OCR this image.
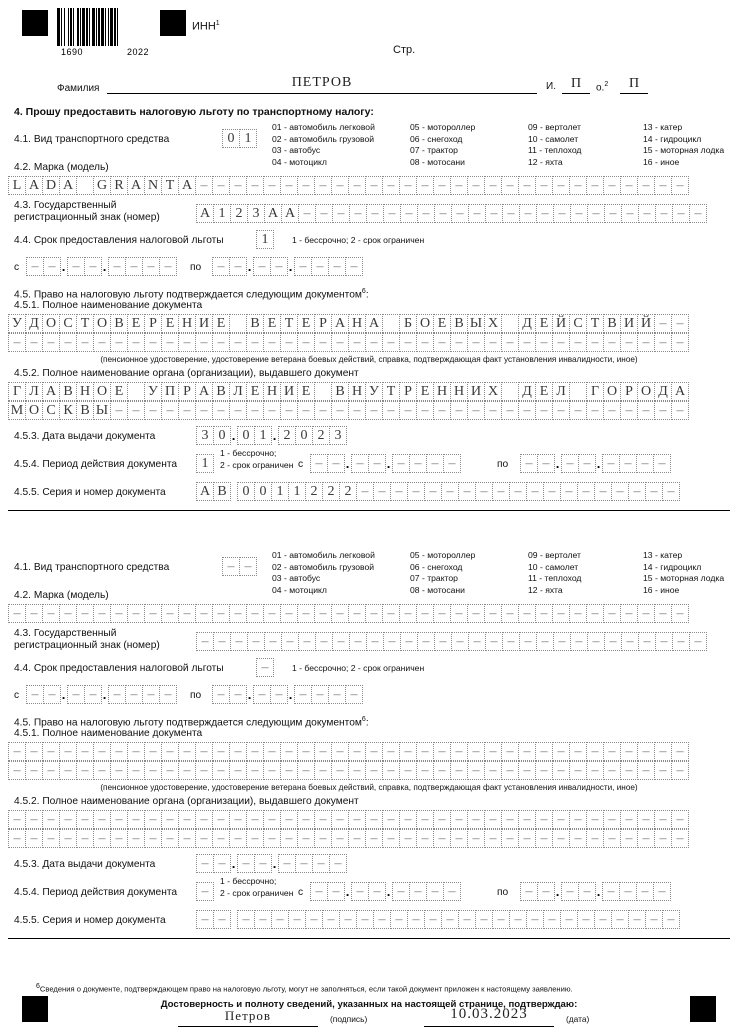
1690	2022
ИНН$^1$
Стр.
Фамилия	ПЕТРОВ	И.	П	о.$^2$	П
4. Прошу предоставить налоговую льготу по транспортному налогу:
4.1. Вид транспортного средства	0 1
01 - автомобиль легковой
02 - автомобиль грузовой
03 - автобус
04 - мотоцикл
05 - мотороллер
06 - снегоход
07 - трактор
08 - мотосани
09 - вертолет
10 - самолет
11 - теплоход
12 - яхта
13 - катер
14 - гидроцикл
15 - моторная лодка
16 - иное
4.2. Марка (модель)
L A D A G R A N T A – – – – – – – – – – – – – – – – – – – – – – – – – – – – –
4.3. Государственный
регистрационный знак (номер)	А 1 2 3 А А – – – – – – – – – – – – – – – – – – – – – – – –
4.4. Срок предоставления налоговой льготы	1	1 - бессрочно; 2 - срок ограничен
с – – . – – . – – – –	по	– – . – – . – – – –
4.5. Право на налоговую льготу подтверждается следующим документом$^6$:
4.5.1. Полное наименование документа
У Д О С Т О В Е Р Е Н И Е	В Е Т Е Р А Н А	Б О Е В Ы Х	Д Е Й С Т В И Й – –
– – – – – – – – – – – – – – – – – – – – – – – – – – – – – – – – – – – – – – – –
(пенсионное удостоверение, удостоверение ветерана боевых действий, справка, подтверждающая факт установления инвалидности, иное)
4.5.2. Полное наименование органа (организации), выдавшего документ
Г Л А В Н О Е	У П Р А В Л Е Н И Е	В Н У Т Р Е Н Н И Х	Д Е Л	Г О Р О Д А
М О С К В Ы – – – – – – – – – – – – – – – – – – – – – – – – – – – – – – – – – –
4.5.3. Дата выдачи документа	3 0 . 0 1 . 2 0 2 3
4.5.4. Период действия документа	1
1 - бессрочно;
2 - срок ограничен с – – . – – . – – – –	по	– – . – – . – – – –
4.5.5. Серия и номер документа А В	0 0 1 1 2 2 2 – – – – – – – – – – – – – – – – – – –
4.1. Вид транспортного средства	– –
01 - автомобиль легковой
02 - автомобиль грузовой
03 - автобус
04 - мотоцикл
05 - мотороллер
06 - снегоход
07 - трактор
08 - мотосани
09 - вертолет
10 - самолет
11 - теплоход
12 - яхта
13 - катер
14 - гидроцикл
15 - моторная лодка
16 - иное
4.2. Марка (модель)
– – – – – – – – – – – – – – – – – – – – – – – – – – – – – – – – – – – – – – – –
4.3. Государственный
регистрационный знак (номер)	– – – – – – – – – – – – – – – – – – – – – – – – – – – – – –
4.4. Срок предоставления налоговой льготы	–	1 - бессрочно; 2 - срок ограничен
с – – . – – . – – – –	по	– – . – – . – – – –
4.5. Право на налоговую льготу подтверждается следующим документом$^6$:
4.5.1. Полное наименование документа
– – – – – – – – – – – – – – – – – – – – – – – – – – – – – – – – – – – – – – – –
– – – – – – – – – – – – – – – – – – – – – – – – – – – – – – – – – – – – – – – –
(пенсионное удостоверение, удостоверение ветерана боевых действий, справка, подтверждающая факт установления инвалидности, иное)
4.5.2. Полное наименование органа (организации), выдавшего документ
– – – – – – – – – – – – – – – – – – – – – – – – – – – – – – – – – – – – – – – –
– – – – – – – – – – – – – – – – – – – – – – – – – – – – – – – – – – – – – – – –
4.5.3. Дата выдачи документа	– – . – – . – – – –
4.5.4. Период действия документа	–
1 - бессрочно;
2 - срок ограничен с – – . – – . – – – –	по	– – . – – . – – – –
4.5.5. Серия и номер документа	– –	– – – – – – – – – – – – – – – – – – – – – – – – – –
$^6$Сведения о документе, подтверждающем право на налоговую льготу, могут не заполняться, если такой документ приложен к настоящему заявлению.
Достоверность и полноту сведений, указанных на настоящей странице, подтверждаю:
Петров	(подпись)	10.03.2023	(дата)
